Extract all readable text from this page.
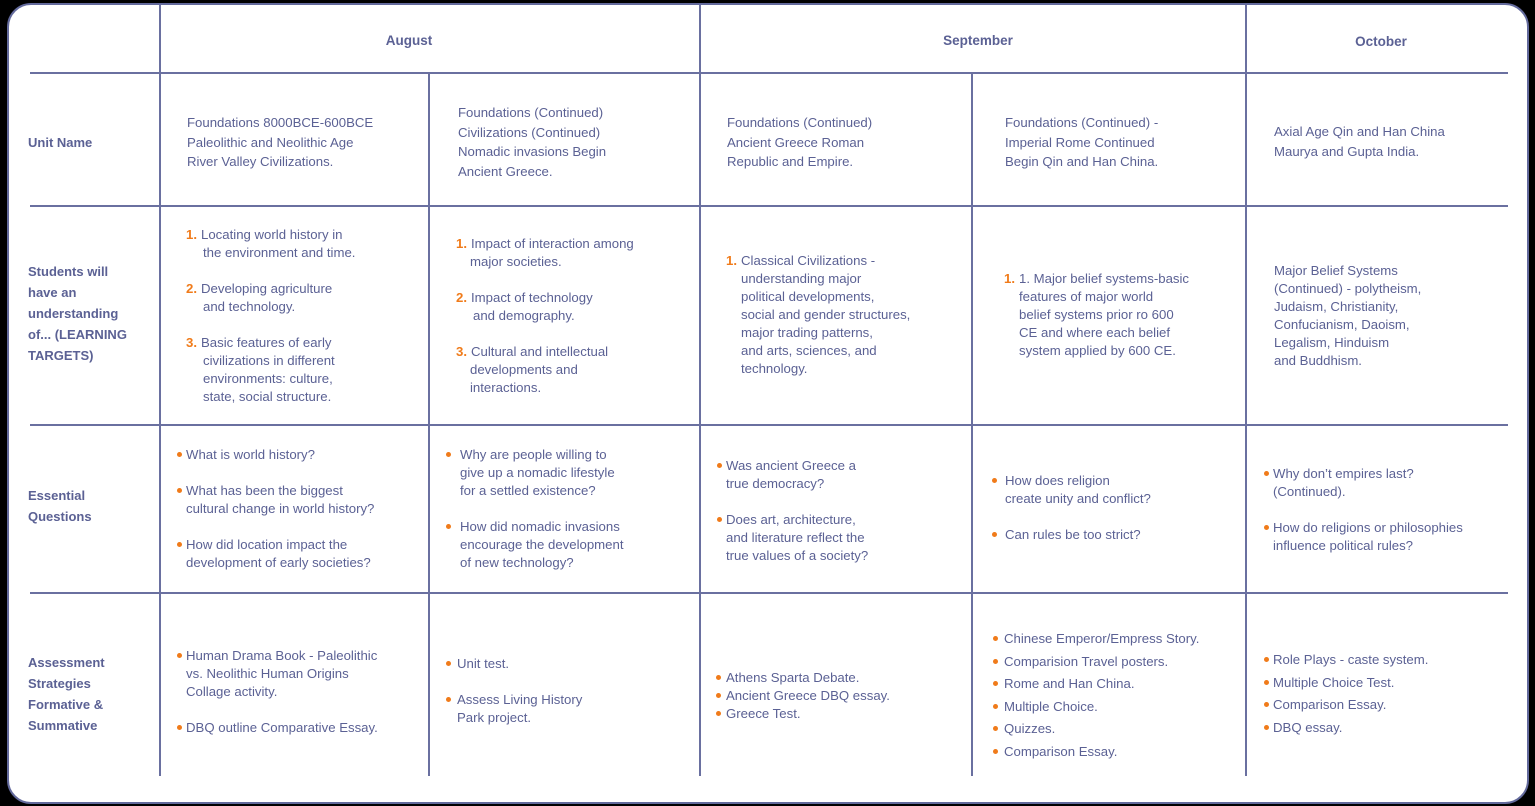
August	September	October
Unit Name
Students will
have an
understanding
of... (LEARNING
TARGETS)
Essential
Questions
Assessment
Strategies
Formative &
Summative

Foundations 8000BCE-600BCE

Paleolithic and Neolithic Age

River Valley Civilizations.

Foundations (Continued)

Civilizations (Continued)

Nomadic invasions Begin

Ancient Greece.

Foundations (Continued)

Ancient Greece Roman

Republic and Empire.

Foundations (Continued) -

Imperial Rome Continued

Begin Qin and Han China.

Axial Age Qin and Han China

Maurya and Gupta India.

1. Locating world history in

the environment and time.

2. Developing agriculture

and technology.

3. Basic features of early

civilizations in different

environments: culture,

state, social structure.

1. Impact of interaction among

major societies.

2. Impact of technology

and demography.

3. Cultural and intellectual

developments and

interactions.

1. Classical Civilizations -

understanding major

political developments,

social and gender structures,

major trading patterns,

and arts, sciences, and

technology.

1. 1. Major belief systems-basic

features of major world

belief systems prior ro 600

CE and where each belief

system applied by 600 CE.

Major Belief Systems

(Continued) - polytheism,

Judaism, Christianity,

Confucianism, Daoism,

Legalism, Hinduism

and Buddhism.

What is world history?

What has been the biggest

cultural change in world history?

How did location impact the

development of early societies?

Why are people willing to

give up a nomadic lifestyle

for a settled existence?

How did nomadic invasions

encourage the development

of new technology?

Was ancient Greece a

true democracy?

Does art, architecture,

and literature reflect the

true values of a society?

How does religion

create unity and conflict?

Can rules be too strict?

Why don’t empires last?

(Continued).

How do religions or philosophies

influence political rules?

Human Drama Book - Paleolithic

vs. Neolithic Human Origins

Collage activity.

DBQ outline Comparative Essay.

Unit test.

Assess Living History

Park project.

Athens Sparta Debate.

Ancient Greece DBQ essay.

Greece Test.

Chinese Emperor/Empress Story.

Comparision Travel posters.

Rome and Han China.

Multiple Choice.

Quizzes.

Comparison Essay.

Role Plays - caste system.

Multiple Choice Test.

Comparison Essay.

DBQ essay.
